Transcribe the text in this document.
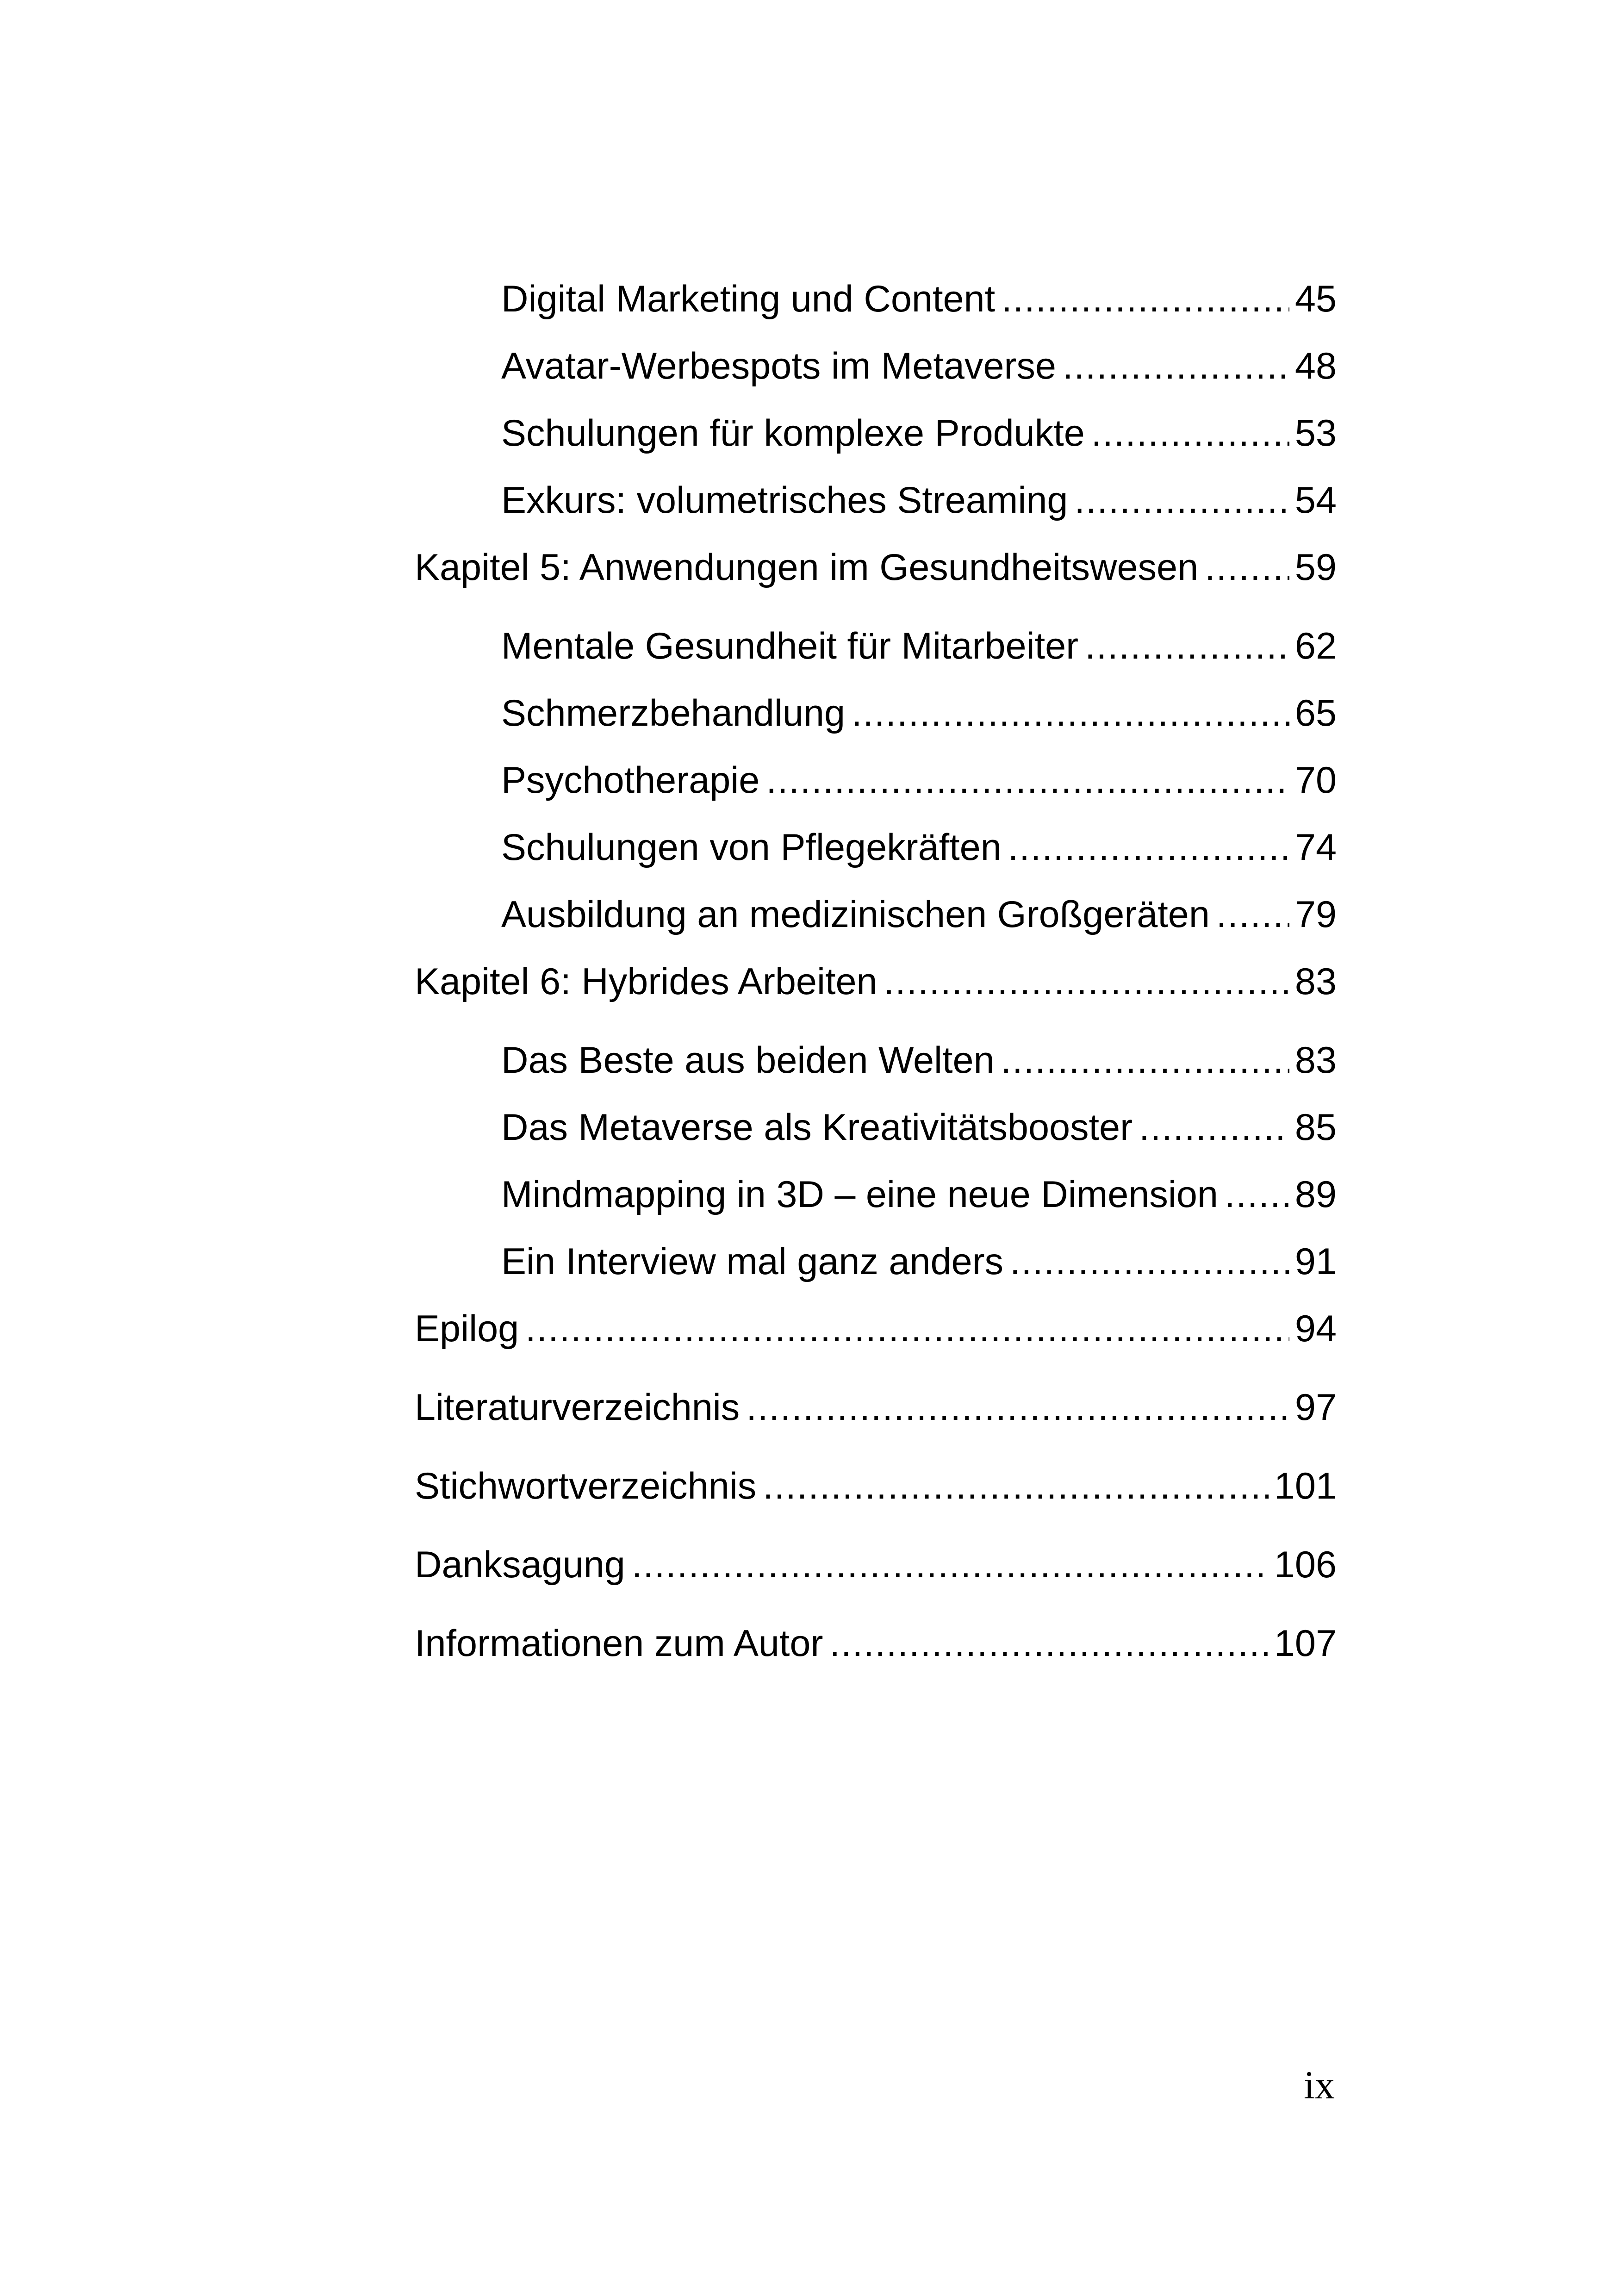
Digital Marketing und Content .....	45
Avatar-Werbespots im Metaverse .....	48
Schulungen für komplexe Produkte .....	53
Exkurs: volumetrisches Streaming .....	54
Kapitel 5: Anwendungen im Gesundheitswesen .....	59
Mentale Gesundheit für Mitarbeiter .....	62
Schmerzbehandlung .....	65
Psychotherapie .....	70
Schulungen von Pflegekräften .....	74
Ausbildung an medizinischen Großgeräten ..... 79
Kapitel 6: Hybrides Arbeiten .....	83
Das Beste aus beiden Welten .....	83
Das Metaverse als Kreativitätsbooster .....	85
Mindmapping in 3D – eine neue Dimension ..... 89
Ein Interview mal ganz anders .....	91
Epilog .....	94
Literaturverzeichnis .....	97
Stichwortverzeichnis .....	101
Danksagung .....	106
Informationen zum Autor .....	107
ix
